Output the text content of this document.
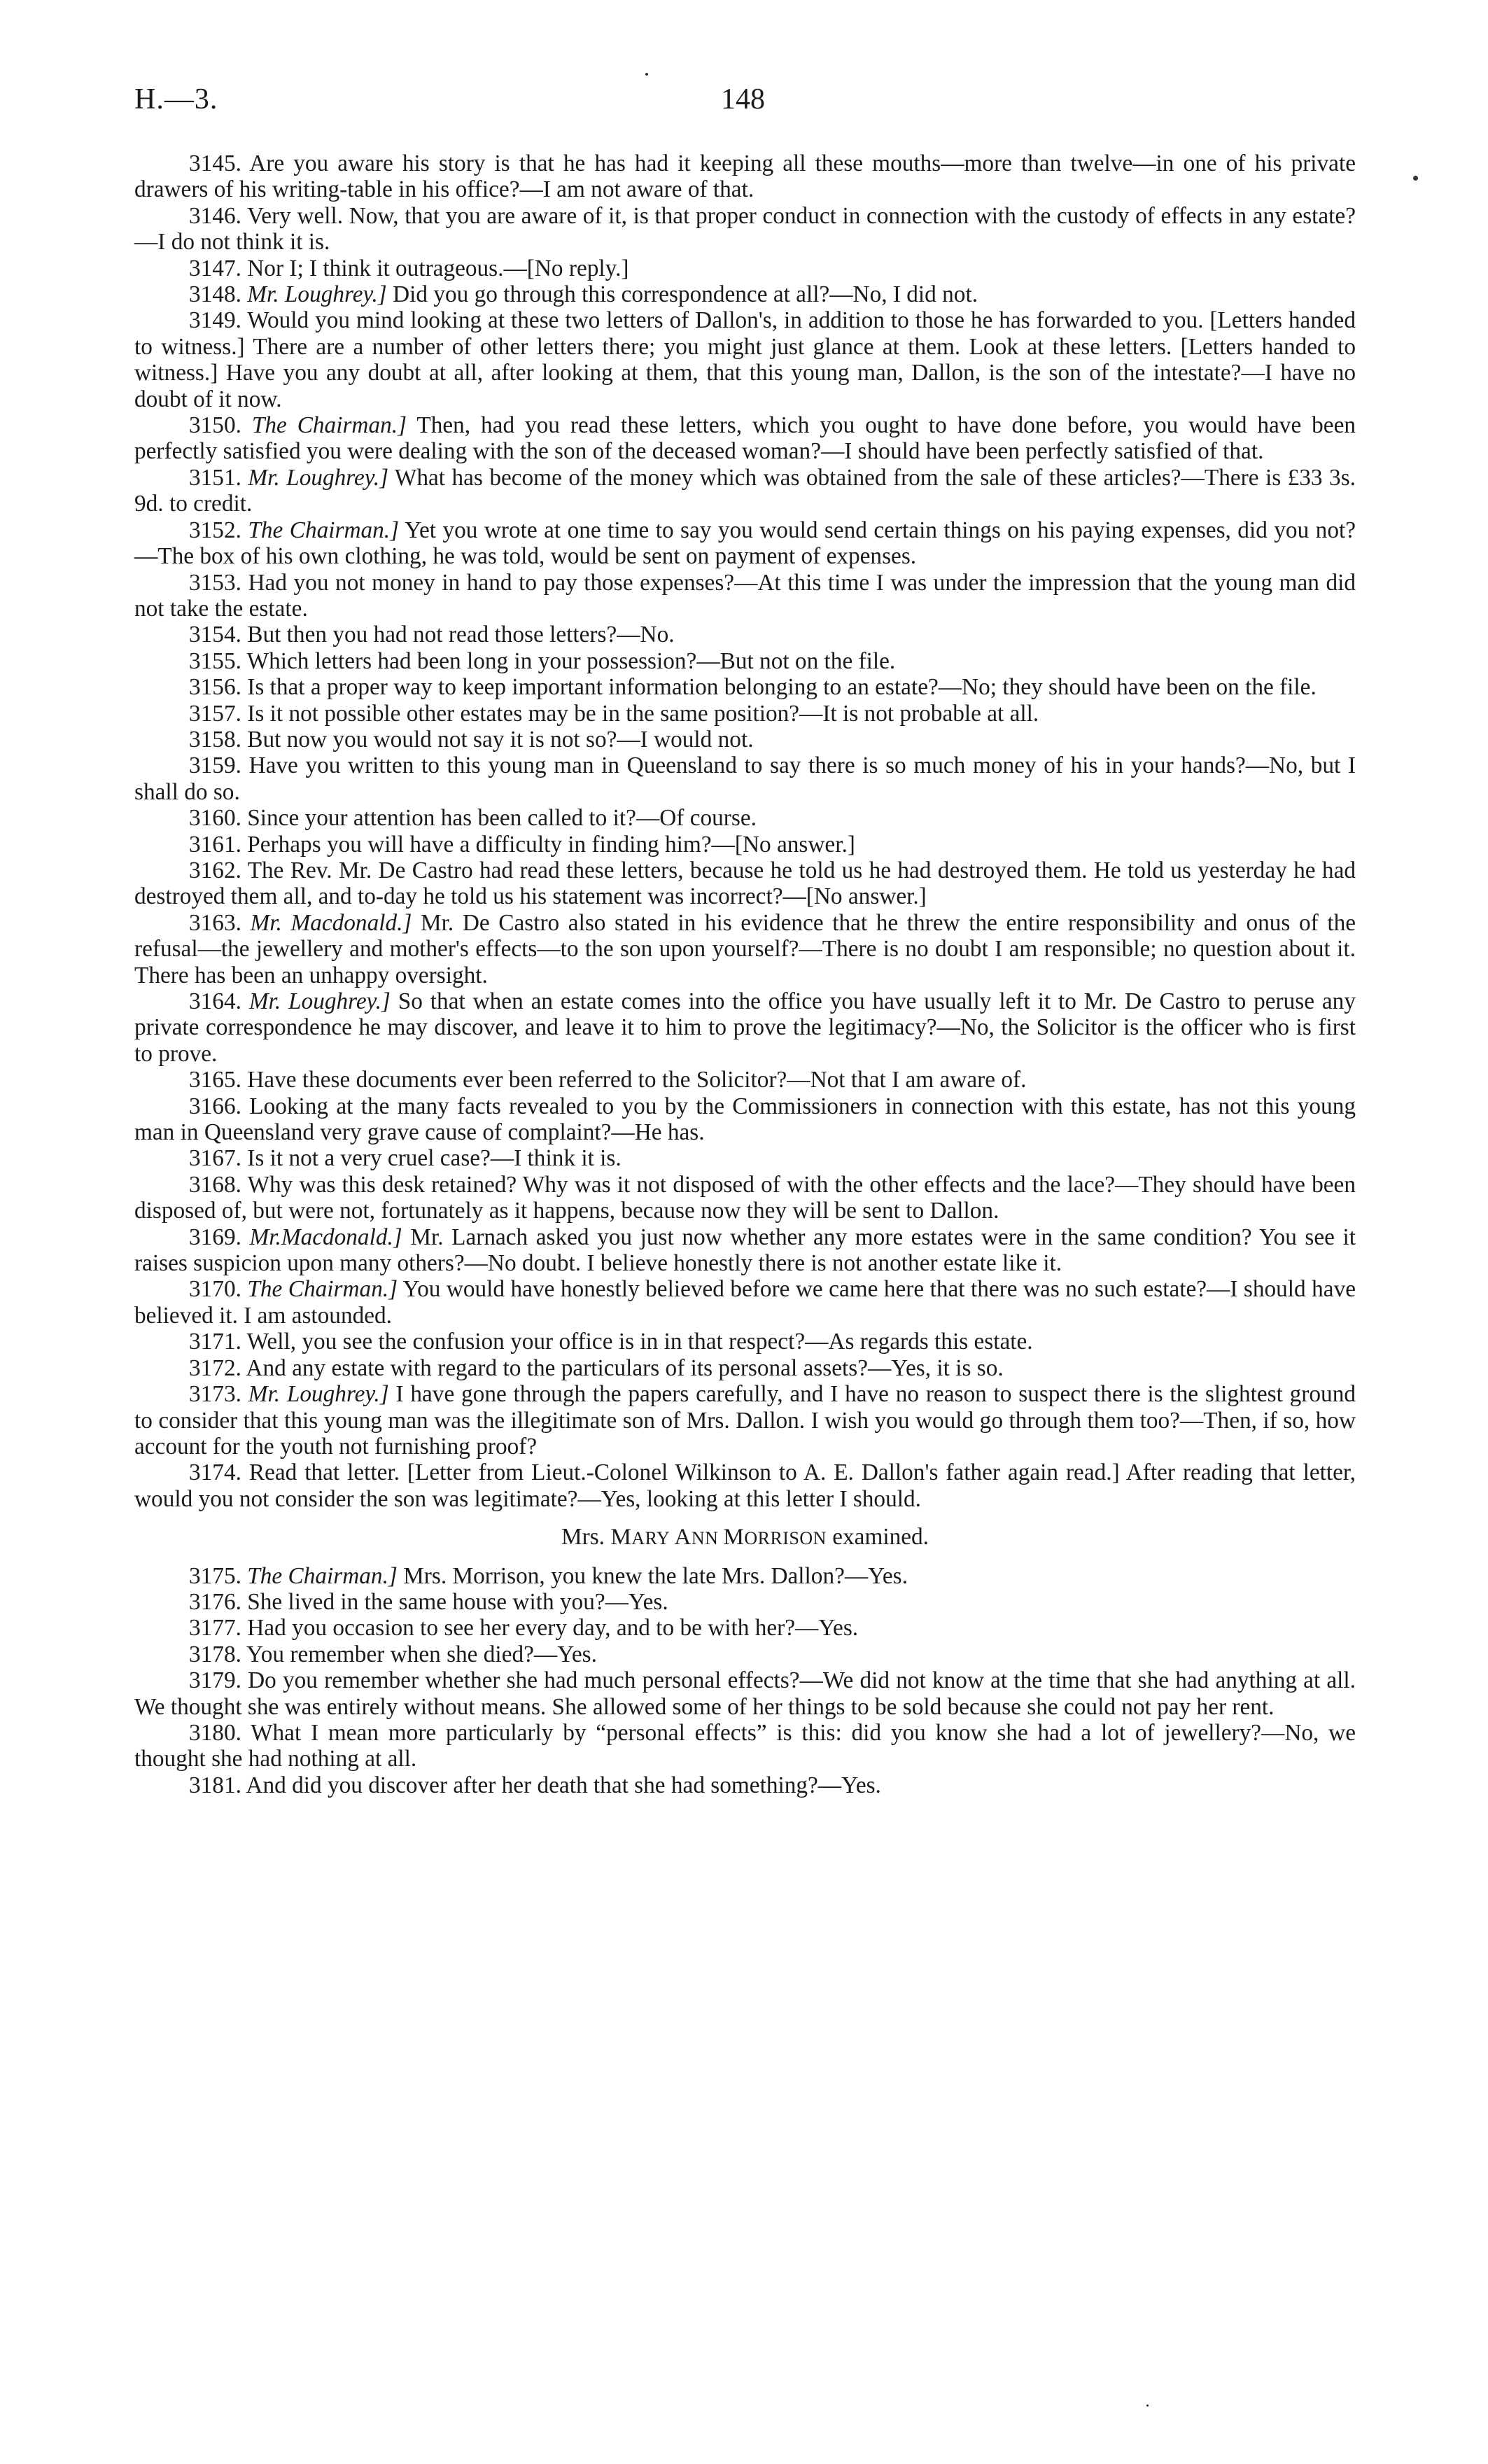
H.—3.	148

3145. Are you aware his story is that he has had it keeping all these mouths—more than twelve—in one of his private drawers of his writing-table in his office?—I am not aware of that.

3146. Very well. Now, that you are aware of it, is that proper conduct in connection with the custody of effects in any estate?—I do not think it is.

3147. Nor I; I think it outrageous.—[No reply.]

3148. Mr. Loughrey.] Did you go through this correspondence at all?—No, I did not.

3149. Would you mind looking at these two letters of Dallon's, in addition to those he has forwarded to you. [Letters handed to witness.] There are a number of other letters there; you might just glance at them. Look at these letters. [Letters handed to witness.] Have you any doubt at all, after looking at them, that this young man, Dallon, is the son of the intestate?—I have no doubt of it now.

3150. The Chairman.] Then, had you read these letters, which you ought to have done before, you would have been perfectly satisfied you were dealing with the son of the deceased woman?—I should have been perfectly satisfied of that.

3151. Mr. Loughrey.] What has become of the money which was obtained from the sale of these articles?—There is £33 3s. 9d. to credit.

3152. The Chairman.] Yet you wrote at one time to say you would send certain things on his paying expenses, did you not?—The box of his own clothing, he was told, would be sent on payment of expenses.

3153. Had you not money in hand to pay those expenses?—At this time I was under the impression that the young man did not take the estate.

3154. But then you had not read those letters?—No.

3155. Which letters had been long in your possession?—But not on the file.

3156. Is that a proper way to keep important information belonging to an estate?—No; they should have been on the file.

3157. Is it not possible other estates may be in the same position?—It is not probable at all.

3158. But now you would not say it is not so?—I would not.

3159. Have you written to this young man in Queensland to say there is so much money of his in your hands?—No, but I shall do so.

3160. Since your attention has been called to it?—Of course.

3161. Perhaps you will have a difficulty in finding him?—[No answer.]

3162. The Rev. Mr. De Castro had read these letters, because he told us he had destroyed them. He told us yesterday he had destroyed them all, and to-day he told us his statement was incorrect?—[No answer.]

3163. Mr. Macdonald.] Mr. De Castro also stated in his evidence that he threw the entire responsibility and onus of the refusal—the jewellery and mother's effects—to the son upon yourself?—There is no doubt I am responsible; no question about it. There has been an unhappy oversight.

3164. Mr. Loughrey.] So that when an estate comes into the office you have usually left it to Mr. De Castro to peruse any private correspondence he may discover, and leave it to him to prove the legitimacy?—No, the Solicitor is the officer who is first to prove.

3165. Have these documents ever been referred to the Solicitor?—Not that I am aware of.

3166. Looking at the many facts revealed to you by the Commissioners in connection with this estate, has not this young man in Queensland very grave cause of complaint?—He has.

3167. Is it not a very cruel case?—I think it is.

3168. Why was this desk retained? Why was it not disposed of with the other effects and the lace?—They should have been disposed of, but were not, fortunately as it happens, because now they will be sent to Dallon.

3169. Mr.Macdonald.] Mr. Larnach asked you just now whether any more estates were in the same condition? You see it raises suspicion upon many others?—No doubt. I believe honestly there is not another estate like it.

3170. The Chairman.] You would have honestly believed before we came here that there was no such estate?—I should have believed it. I am astounded.

3171. Well, you see the confusion your office is in in that respect?—As regards this estate.

3172. And any estate with regard to the particulars of its personal assets?—Yes, it is so.

3173. Mr. Loughrey.] I have gone through the papers carefully, and I have no reason to suspect there is the slightest ground to consider that this young man was the illegitimate son of Mrs. Dallon. I wish you would go through them too?—Then, if so, how account for the youth not furnishing proof?

3174. Read that letter. [Letter from Lieut.-Colonel Wilkinson to A. E. Dallon's father again read.] After reading that letter, would you not consider the son was legitimate?—Yes, looking at this letter I should.

Mrs. MARY ANN MORRISON examined.

3175. The Chairman.] Mrs. Morrison, you knew the late Mrs. Dallon?—Yes.

3176. She lived in the same house with you?—Yes.

3177. Had you occasion to see her every day, and to be with her?—Yes.

3178. You remember when she died?—Yes.

3179. Do you remember whether she had much personal effects?—We did not know at the time that she had anything at all. We thought she was entirely without means. She allowed some of her things to be sold because she could not pay her rent.

3180. What I mean more particularly by “personal effects” is this: did you know she had a lot of jewellery?—No, we thought she had nothing at all.

3181. And did you discover after her death that she had something?—Yes.
